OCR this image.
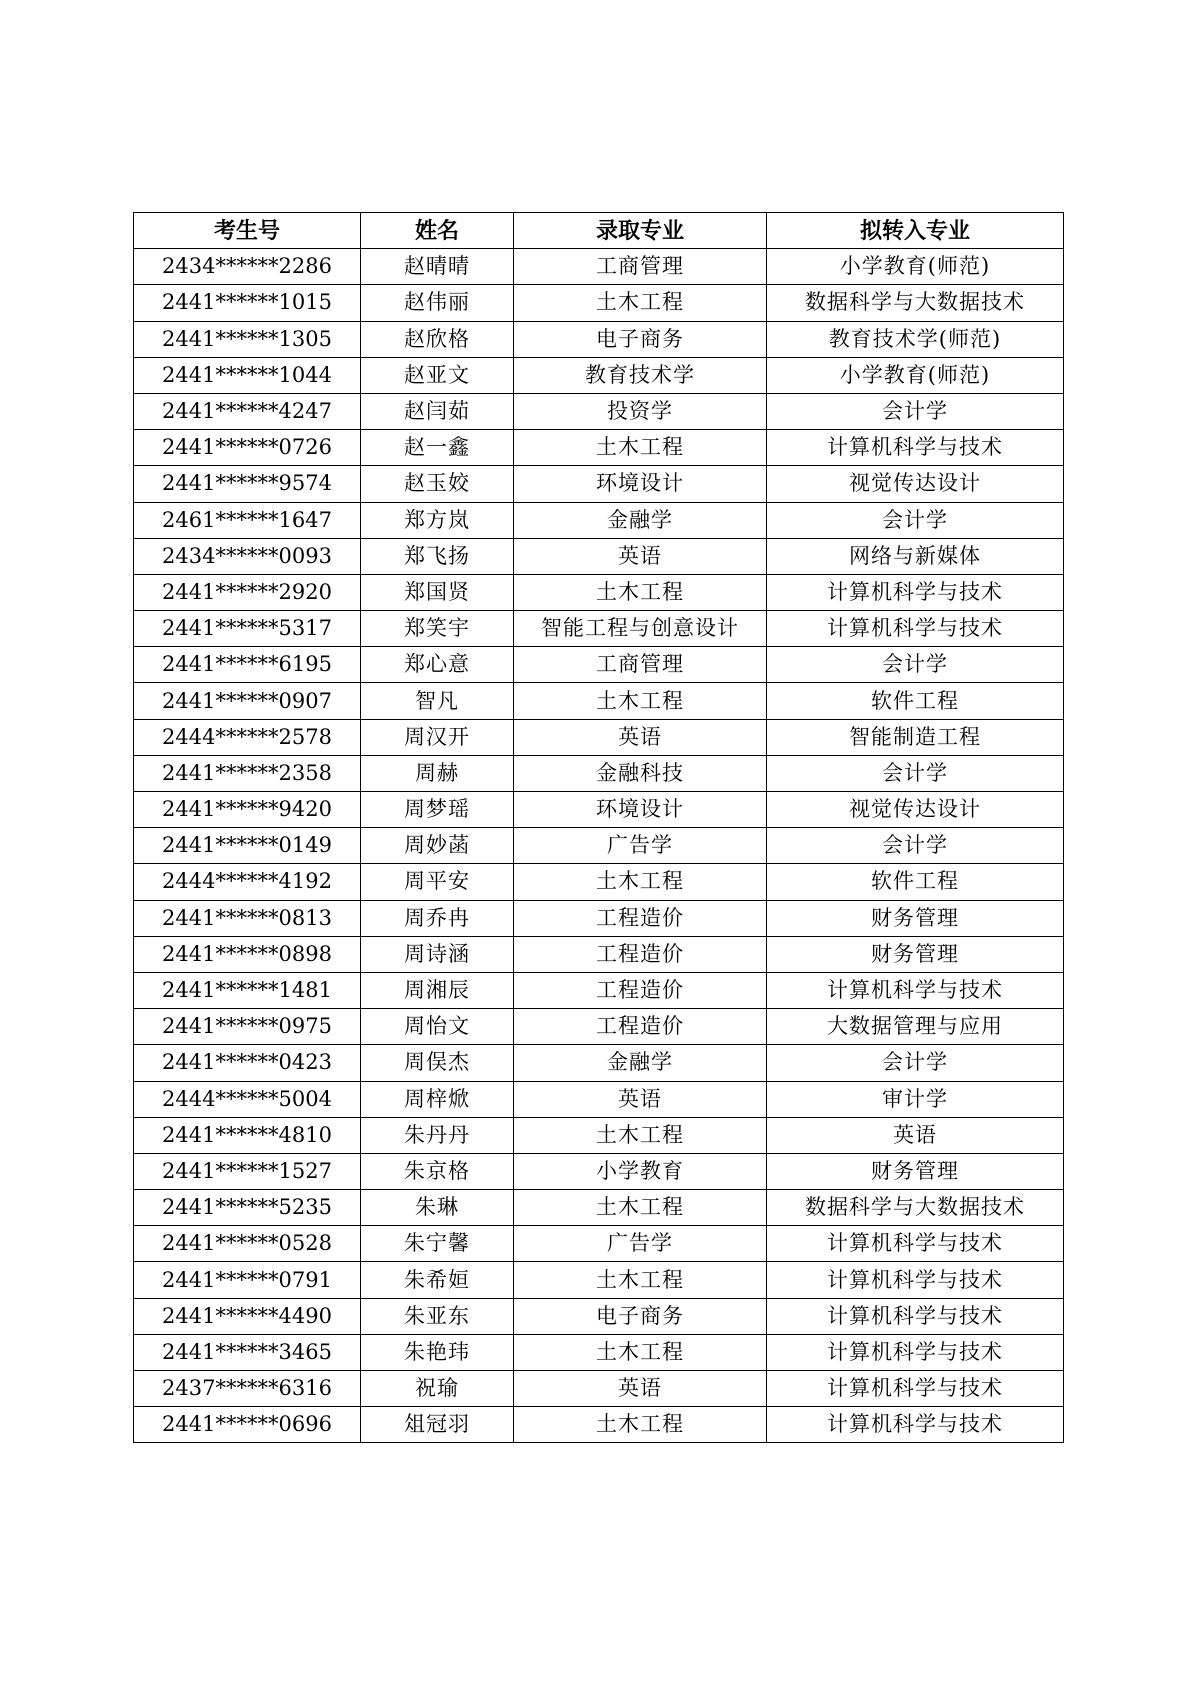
考生号	姓名	录取专业	拟转入专业
2434******2286	赵晴晴	工商管理	小学教育(师范)
2441******1015	赵伟丽	土木工程	数据科学与大数据技术
2441******1305	赵欣格	电子商务	教育技术学(师范)
2441******1044	赵亚文	教育技术学	小学教育(师范)
2441******4247	赵闫茹	投资学	会计学
2441******0726	赵一鑫	土木工程	计算机科学与技术
2441******9574	赵玉姣	环境设计	视觉传达设计
2461******1647	郑方岚	金融学	会计学
2434******0093	郑飞扬	英语	网络与新媒体
2441******2920	郑国贤	土木工程	计算机科学与技术
2441******5317	郑笑宇	智能工程与创意设计	计算机科学与技术
2441******6195	郑心意	工商管理	会计学
2441******0907	智凡	土木工程	软件工程
2444******2578	周汉开	英语	智能制造工程
2441******2358	周赫	金融科技	会计学
2441******9420	周梦瑶	环境设计	视觉传达设计
2441******0149	周妙菡	广告学	会计学
2444******4192	周平安	土木工程	软件工程
2441******0813	周乔冉	工程造价	财务管理
2441******0898	周诗涵	工程造价	财务管理
2441******1481	周湘辰	工程造价	计算机科学与技术
2441******0975	周怡文	工程造价	大数据管理与应用
2441******0423	周俣杰	金融学	会计学
2444******5004	周梓焮	英语	审计学
2441******4810	朱丹丹	土木工程	英语
2441******1527	朱京格	小学教育	财务管理
2441******5235	朱琳	土木工程	数据科学与大数据技术
2441******0528	朱宁馨	广告学	计算机科学与技术
2441******0791	朱希姮	土木工程	计算机科学与技术
2441******4490	朱亚东	电子商务	计算机科学与技术
2441******3465	朱艳玮	土木工程	计算机科学与技术
2437******6316	祝瑜	英语	计算机科学与技术
2441******0696	俎冠羽	土木工程	计算机科学与技术
